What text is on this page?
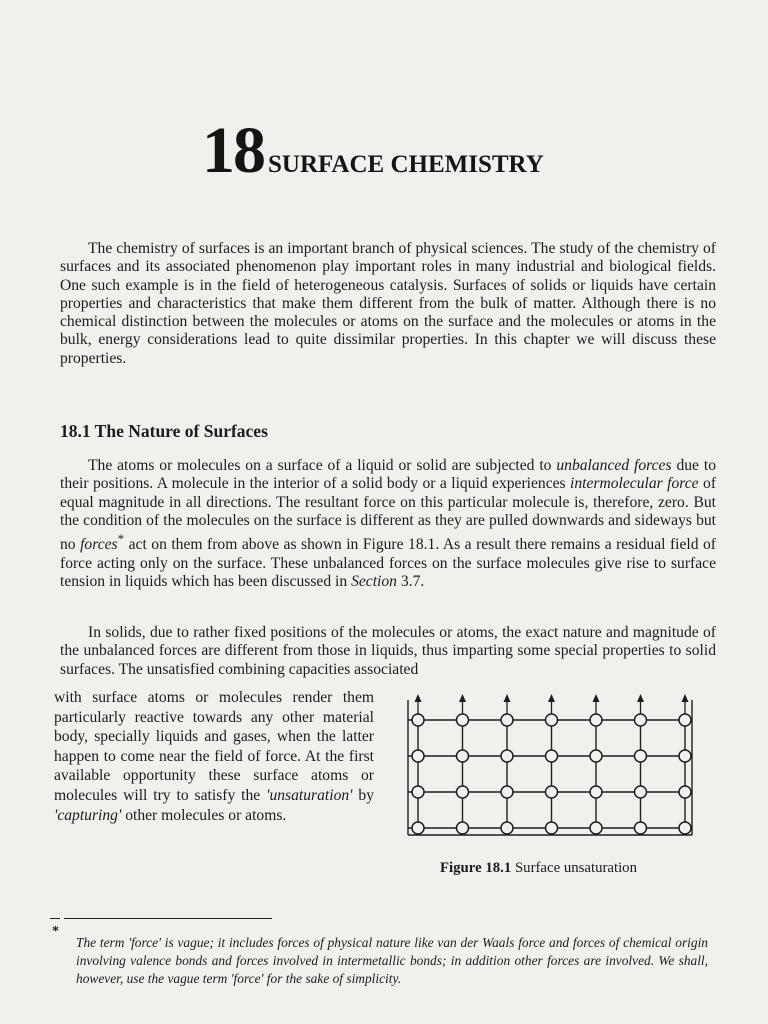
18 SURFACE CHEMISTRY

The chemistry of surfaces is an important branch of physical sciences. The study of the chemistry of surfaces and its associated phenomenon play important roles in many industrial and biological fields. One such example is in the field of heterogeneous catalysis. Surfaces of solids or liquids have certain properties and characteristics that make them different from the bulk of matter. Although there is no chemical distinction between the molecules or atoms on the surface and the molecules or atoms in the bulk, energy considerations lead to quite dissimilar properties. In this chapter we will discuss these properties.

18.1 The Nature of Surfaces

The atoms or molecules on a surface of a liquid or solid are subjected to unbalanced forces due to their positions. A molecule in the interior of a solid body or a liquid experiences intermolecular force of equal magnitude in all directions. The resultant force on this particular molecule is, therefore, zero. But the condition of the molecules on the surface is different as they are pulled downwards and sideways but no forces* act on them from above as shown in Figure 18.1. As a result there remains a residual field of force acting only on the surface. These unbalanced forces on the surface molecules give rise to surface tension in liquids which has been discussed in Section 3.7.

In solids, due to rather fixed positions of the molecules or atoms, the exact nature and magnitude of the unbalanced forces are different from those in liquids, thus imparting some special properties to solid surfaces. The unsatisfied combining capacities associated

with surface atoms or molecules render them particularly reactive towards any other material body, specially liquids and gases, when the latter happen to come near the field of force. At the first available opportunity these surface atoms or molecules will try to satisfy the 'unsaturation' by 'capturing' other molecules or atoms.

Figure 18.1 Surface unsaturation
*

The term 'force' is vague; it includes forces of physical nature like van der Waals force and forces of chemical origin involving valence bonds and forces involved in intermetallic bonds; in addition other forces are involved. We shall, however, use the vague term 'force' for the sake of simplicity.
